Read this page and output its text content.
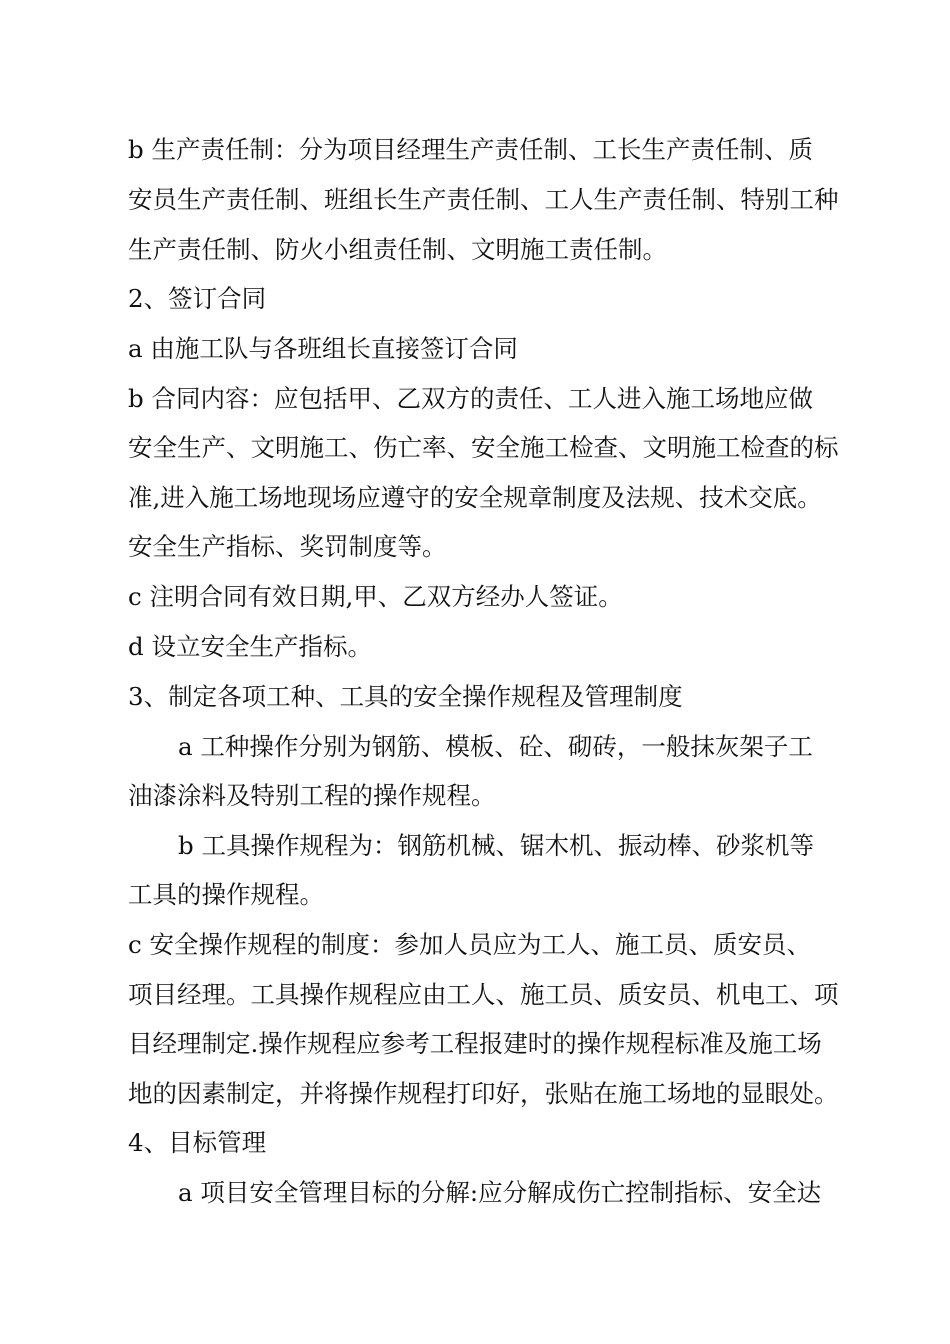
b 生产责任制：分为项目经理生产责任制、工长生产责任制、质
安员生产责任制、班组长生产责任制、工人生产责任制、特别工种
生产责任制、防火小组责任制、文明施工责任制。
2、签订合同
a 由施工队与各班组长直接签订合同
b 合同内容：应包括甲、乙双方的责任、工人进入施工场地应做
安全生产、文明施工、伤亡率、安全施工检查、文明施工检查的标
准,进入施工场地现场应遵守的安全规章制度及法规、技术交底。
安全生产指标、奖罚制度等。
c 注明合同有效日期,甲、乙双方经办人签证。
d 设立安全生产指标。
3、制定各项工种、工具的安全操作规程及管理制度
a 工种操作分别为钢筋、模板、砼、砌砖，一般抹灰架子工
油漆涂料及特别工程的操作规程。
b 工具操作规程为：钢筋机械、锯木机、振动棒、砂浆机等
工具的操作规程。
c 安全操作规程的制度：参加人员应为工人、施工员、质安员、
项目经理。工具操作规程应由工人、施工员、质安员、机电工、项
目经理制定.操作规程应参考工程报建时的操作规程标准及施工场
地的因素制定，并将操作规程打印好，张贴在施工场地的显眼处。
4、目标管理
a 项目安全管理目标的分解:应分解成伤亡控制指标、安全达
